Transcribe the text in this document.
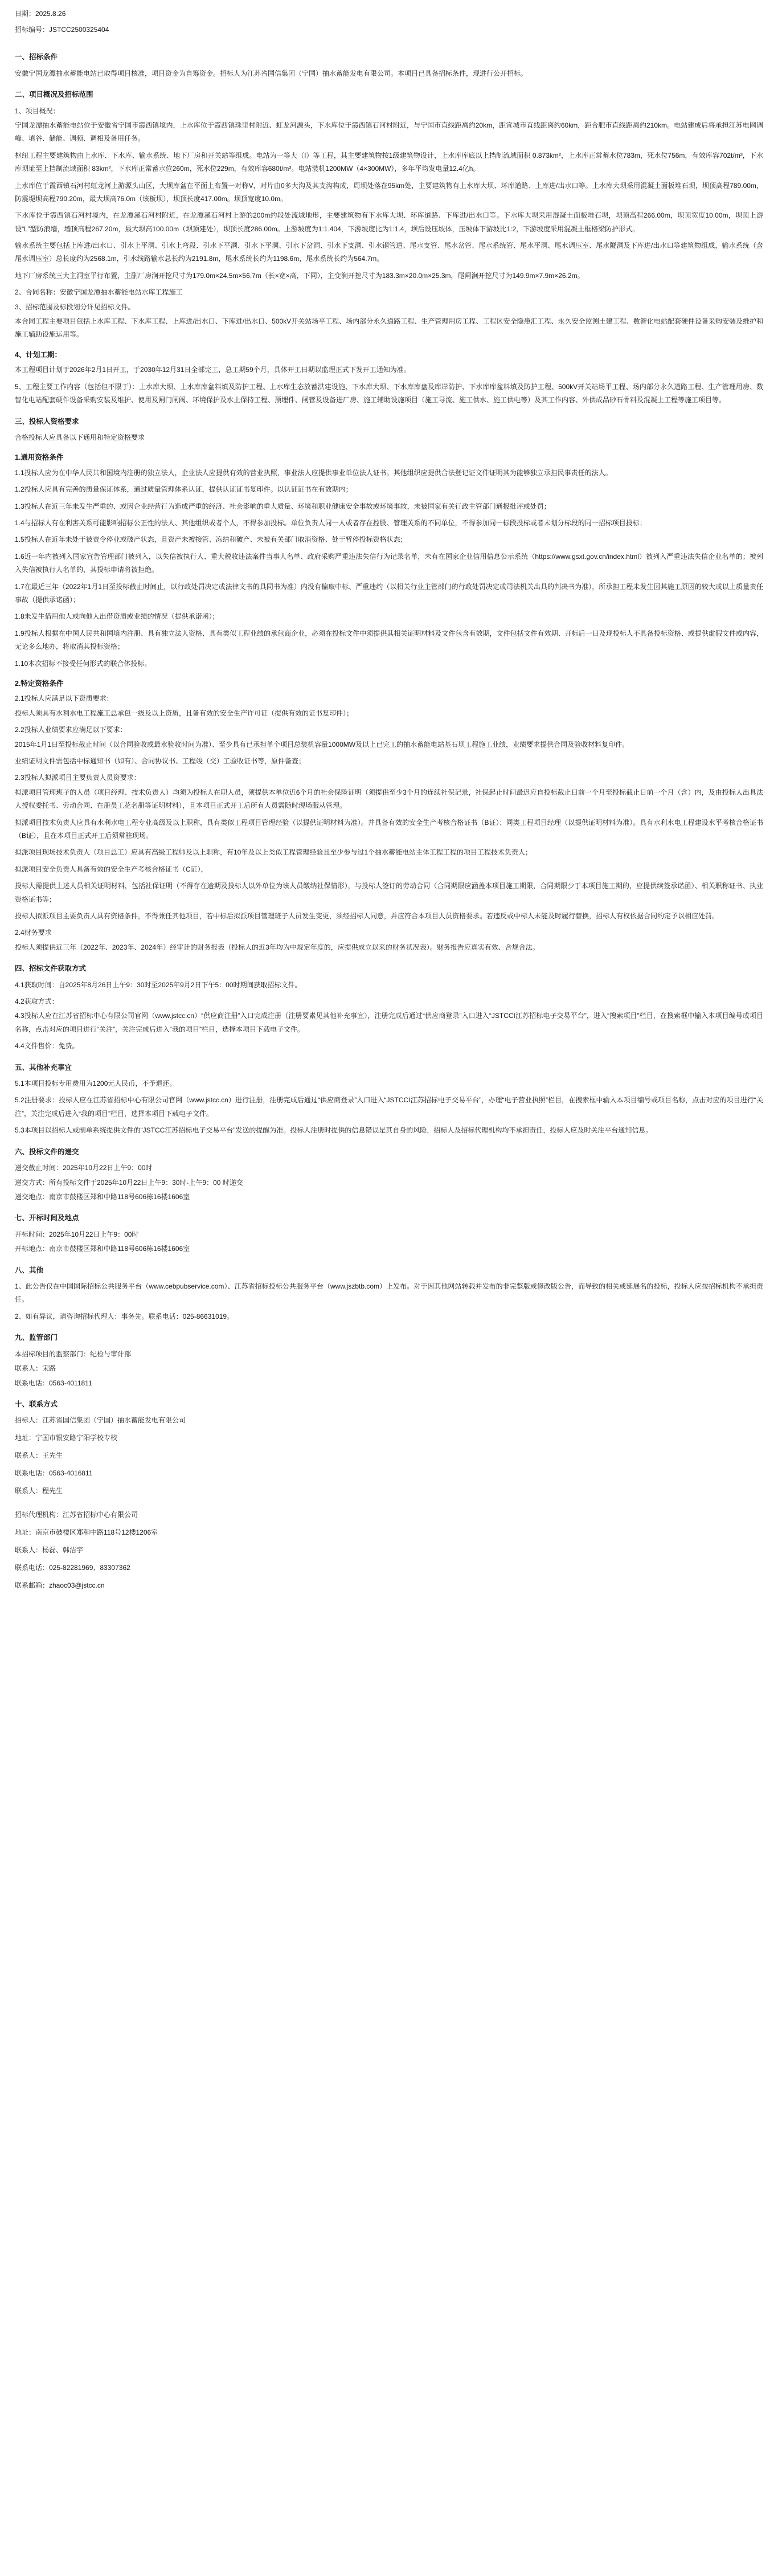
日期：2025.8.26

招标编号：JSTCC2500325404

一、招标条件

安徽宁国龙潭抽水蓄能电站已取得项目核准，项目资金为自筹资金。招标人为江苏省国信集团（宁国）抽水蓄能发电有限公司。本项目已具备招标条件，现进行公开招标。

二、项目概况及招标范围

1、项目概况：

宁国龙潭抽水蓄能电站位于安徽省宁国市霞西镇境内，上水库位于霞西镇珠里村附近、虹龙河源头，下水库位于霞西镇石河村附近，与宁国市直线距离约20km，距宣城市直线距离约60km，距合肥市直线距离约210km。电站建成后将承担江苏电网调峰、填谷、储能、调频、调相及备用任务。

枢纽工程主要建筑物由上水库、下水库、输水系统、地下厂房和开关站等组成。电站为一等大（I）等工程，其主要建筑物按1级建筑物设计，上水库库底以上挡制流域面积 0.873km²，上水库正常蓄水位783m，死水位756m，有效库容702t/m³，下水库坝址至上挡制流域面积 83km²，下水库正常蓄水位260m，死水位229m，有效库容680t/m³。电站装机1200MW（4×300MW），多年平均发电量12.4亿h。

上水库位于霞西镇石河村虹龙河上游源头山区，大坝库盆在平面上布置一对称V，对片由0多大沟及其支沟构成，周坝处落在95km处，主要建筑物有上水库大坝、环库道路、上库进/出水口等。上水库大坝采用混凝土面板堆石坝，坝顶高程789.00m，防震堤坝高程790.20m，最大坝高76.0m（该板坝），坝顶长度417.00m。坝顶宽度10.0m。

下水库位于霞西镇石河村境内，在龙潭溪石河村附近，在龙潭溪石河村上游的200m约段处流域地形，主要建筑物有下水库大坝、环库道路、下库进/出水口等。下水库大坝采用混凝土面板堆石坝，坝顶高程266.00m，坝顶宽度10.00m，坝顶上游设“L”型防浪墙，墙顶高程267.20m，最大坝高100.00m（坝顶建处），坝顶长度286.00m。上游坡度为1:1.404，下游坡度比为1:1.4，坝后设压坡体，压坡体下游坡比1:2，下游坡度采用混凝土框格梁防护形式。

输水系统主要包括上库进/出水口、引水上平洞、引水上弯段、引水下平洞、引水下平洞、引水下岔洞、引水下支洞、引水钢管道、尾水支管、尾水岔管、尾水系统管、尾水平洞、尾水调压室、尾水隧洞及下库进/出水口等建筑物组成，输水系统（含尾水调压室）总长度约为2568.1m，引水线路输水总长约为2191.8m，尾水系统长约为1198.6m，尾水系统长约为564.7m。

地下厂房系统三大主洞室平行布置，主副厂房涧开挖尺寸为179.0m×24.5m×56.7m（长×宽×高，下同），主变涧开挖尺寸为183.3m×20.0m×25.3m，尾闸涧开挖尺寸为149.9m×7.9m×26.2m。

2、合同名称：安徽宁国龙潭抽水蓄能电站水库工程施工

3、招标范围及标段划分详见招标文件。

本合同工程主要项目包括上水库工程、下水库工程、上库进/出水口、下库进/出水口、500kV开关站场平工程、场内部分永久道路工程、生产管理用房工程、工程区安全隐患汇工程、永久安全监测土建工程、数智化电站配套硬件设备采购安装及维护和施工辅助设施运用等。

4、计划工期：

本工程项目计划于2026年2月1日开工，于2030年12月31日全部完工，总工期59个月，具体开工日期以监理正式下发开工通知为准。

5、工程主要工作内容（包括但不限于）：上水库大坝、上水库库盆料填及防护工程、上水库生态放蓄洪建设施、下水库大坝、下水库库盘及库岸防护、下水库库盆料填及防护工程、500kV开关站场平工程、场内部分永久道路工程、生产管理用房、数智化电站配套硬件设备采购安装及维护、使用及闸门闸阀、环境保护及水土保持工程、预埋件、闸管及设备进厂房、施工辅助设施项目（施工导流、施工供水、施工供电等）及其工作内容、外供成品砂石骨料及混凝土工程等施工项目等。

三、投标人资格要求

合格投标人应具备以下通用和特定资格要求

1.通用资格条件

1.1投标人应为在中华人民共和国境内注册的独立法人，企业法人应提供有效的营业执照，事业法人应提供事业单位法人证书。其他组织应提供合法登记证文件证明其为能够独立承担民事责任的法人。

1.2投标人应具有完善的质量保证体系，通过质量管理体系认证，提供认证证书复印件。以认证证书在有效期内；

1.3投标人在近三年未发生严重的、或因企业经营行为造成严重的经济、社会影响的重大质量、环境和职业健康安全事故或环境事故，未被国家有关行政主管部门通报批评或处罚；

1.4与招标人有在利害关系可能影响招标公正性的法人、其他组织或者个人，不得参加投标。单位负责人同一人或者存在控股、管理关系的不同单位，不得参加同一标段投标或者未划分标段的同一招标项目投标；

1.5投标人在近年未处于被责令停业或破产状态，且资产未被接管、冻结和破产、未被有关部门取消资格、处于暂停投标资格状态；

1.6近一年内被列入国家宣告管理部门被列入，以失信被执行人、重大税收违法案件当事人名单、政府采购严重违法失信行为记录名单，未有在国家企业信用信息公示系统（https://www.gsxt.gov.cn/index.html）被列入严重违法失信企业名单的；被列入失信被执行人名单的，其投标申请将被拒绝。

1.7在最近三年（2022年1月1日至投标截止时间止，以行政处罚决定或法律文书的具同书为准）内没有偏取中标、严重违约（以相关行业主管部门的行政处罚决定或司法机关出具的判决书为准），所承担工程未发生因其施工原因的较大或以上质量责任事故（提供承诺函）；

1.8未发生借用他人或向他人出借资质或业绩的情况（提供承诺函）；

1.9投标人根据在中国人民共和国境内注册、具有独立法人资格、具有类似工程业绩的承包商企业，必须在投标文件中须提供其相关证明材料及文件包含有效期，文件包括文件有效期、开标后一日及现投标人不具备投标资格、或提供虚假文件或内容，无论多么地办，将取消其投标资格；

1.10本次招标不接受任何形式的联合体投标。

2.特定资格条件

2.1投标人应满足以下资质要求：

投标人须具有水利水电工程施工总承包一级及以上资质，且备有效的安全生产许可证（提供有效的证书复印件）；

2.2投标人业绩要求应满足以下要求：

2015年1月1日至投标截止时间（以合同验收或最水验收时间为准）、至少具有已承担单个项目总装机容量1000MW及以上已完工的抽水蓄能电站基石坝工程施工业绩，业绩要求提供合同及验收材料复印件。

业绩证明文件需包括中标通知书（如有）、合同协议书、工程竣（交）工验收证书等，原件备查；

2.3投标人拟派项目主要负责人员资要求：

拟派项目管理班子的人员（项目经理、技术负责人）均须为投标人在职人员，须提供本单位近6个月的社会保险证明（须提供至少3个月的连续社保记录，社保起止时间最迟应自投标截止日前一个月至投标截止日前一个月（含）内，及由投标人出具法人授权委托书、劳动合同、在册员工花名册等证明材料），且本项目正式开工后所有人员需随时现场服从管理。

拟派项目技术负责人应具有水利水电工程专业高级及以上职称，具有类似工程项目管理经验（以提供证明材料为准）。并具备有效的安全生产考核合格证书（B证）；同类工程项目经理（以提供证明材料为准）。具有水利水电工程建设水平考核合格证书（B证），且在本项目正式开工后须常驻现场。

拟派项目现场技术负责人（项目总工）应具有高级工程师及以上职称，有10年及以上类似工程管理经验且至少参与过1个抽水蓄能电站主体工程工程的项目工程技术负责人；

拟派项目安全负责人具备有效的安全生产考核合格证书（C证），

投标人需提供上述人员相关证明材料，包括社保证明（不得存在逾期及投标人以外单位为该人员缴纳社保情形），与投标人签订的劳动合同（合同期限应涵盖本项目施工期限，合同期限少于本项目施工期的，应提供续签承诺函）、相关职称证书、执业资格证书等；

投标人拟派项目主要负责人具有资格条件，不得兼任其他项目，若中标后拟派项目管理班子人员发生变更，须经招标人同意，并应符合本项目人员资格要求。若违反或中标人未能及时履行替换，招标人有权依据合同约定予以相应处罚。

2.4财务要求

投标人须提供近三年（2022年、2023年、2024年）经审计的财务报表（投标人的近3年均为中规定年度的，应提供成立以来的财务状况表）。财务报告应真实有效、合规合法。

四、招标文件获取方式

4.1获取时间：自2025年8月26日上午9：30时至2025年9月2日下午5：00时期间获取招标文件。

4.2获取方式：

4.3投标人应在江苏省招标中心有限公司官网（www.jstcc.cn）“供应商注册”入口完成注册（注册要素见其他补充事宜），注册完成后通过“供应商登录”入口进入“JSTCCI江苏招标电子交易平台”，进入“搜索项目”栏目，在搜索框中输入本项目编号或项目名称，点击对应的项目进行“关注”，关注完成后进入“我的项目”栏目，选择本项目下载电子文件。

4.4文件售价：免费。

五、其他补充事宜

5.1本项目投标专用费用为1200元人民币，不予退还。

5.2注册要求：投标人应在江苏省招标中心有限公司官网（www.jstcc.cn）进行注册，注册完成后通过“供应商登录”入口进入“JSTCCI江苏招标电子交易平台”，办理“电子营业执照”栏目，在搜索框中输入本项目编号或项目名称，点击对应的项目进行“关注”，关注完成后进入“我的项目”栏目，选择本项目下载电子文件。

5.3本项目以招标人或制单系统提供文件的“JSTCC江苏招标电子交易平台”发送的提醒为准。投标人注册时提供的信息错误是其自身的风险，招标人及招标代理机构均不承担责任，投标人应及时关注平台通知信息。

六、投标文件的递交

递交截止时间：2025年10月22日上午9：00时

递交方式：所有投标文件于2025年10月22日上午9：30时-上午9：00 时递交

递交地点：南京市鼓楼区郑和中路118号606栋16楼1606室

七、开标时间及地点

开标时间：2025年10月22日上午9：00时

开标地点：南京市鼓楼区郑和中路118号606栋16楼1606室

八、其他

1、此公告仅在中国国际招标公共服务平台（www.cebpubservice.com）、江苏省招标投标公共服务平台（www.jszbtb.com）上发布。对于因其他网站转载并发布的非完整版或修改版公告，而导致的相关或延展名的投标，投标人应按招标机构不承担责任。

2、如有异议，请咨询招标代理人：事务先。联系电话：025-86631019。

九、监管部门

本招标项目的监察部门：纪检与审计部

联系人：宋路

联系电话：0563-4011811

十、联系方式

招标人：江苏省国信集团（宁国）抽水蓄能发电有限公司

地址：宁国市银安路宁阳学校专校

联系人：王先生

联系电话：0563-4016811

联系人：程先生

招标代理机构：江苏省招标中心有限公司

地址：南京市鼓楼区郑和中路118号12楼1206室

联系人：杨磊、韩洁宇

联系电话：025-82281969、83307362

联系邮箱：zhaoc03@jstcc.cn
